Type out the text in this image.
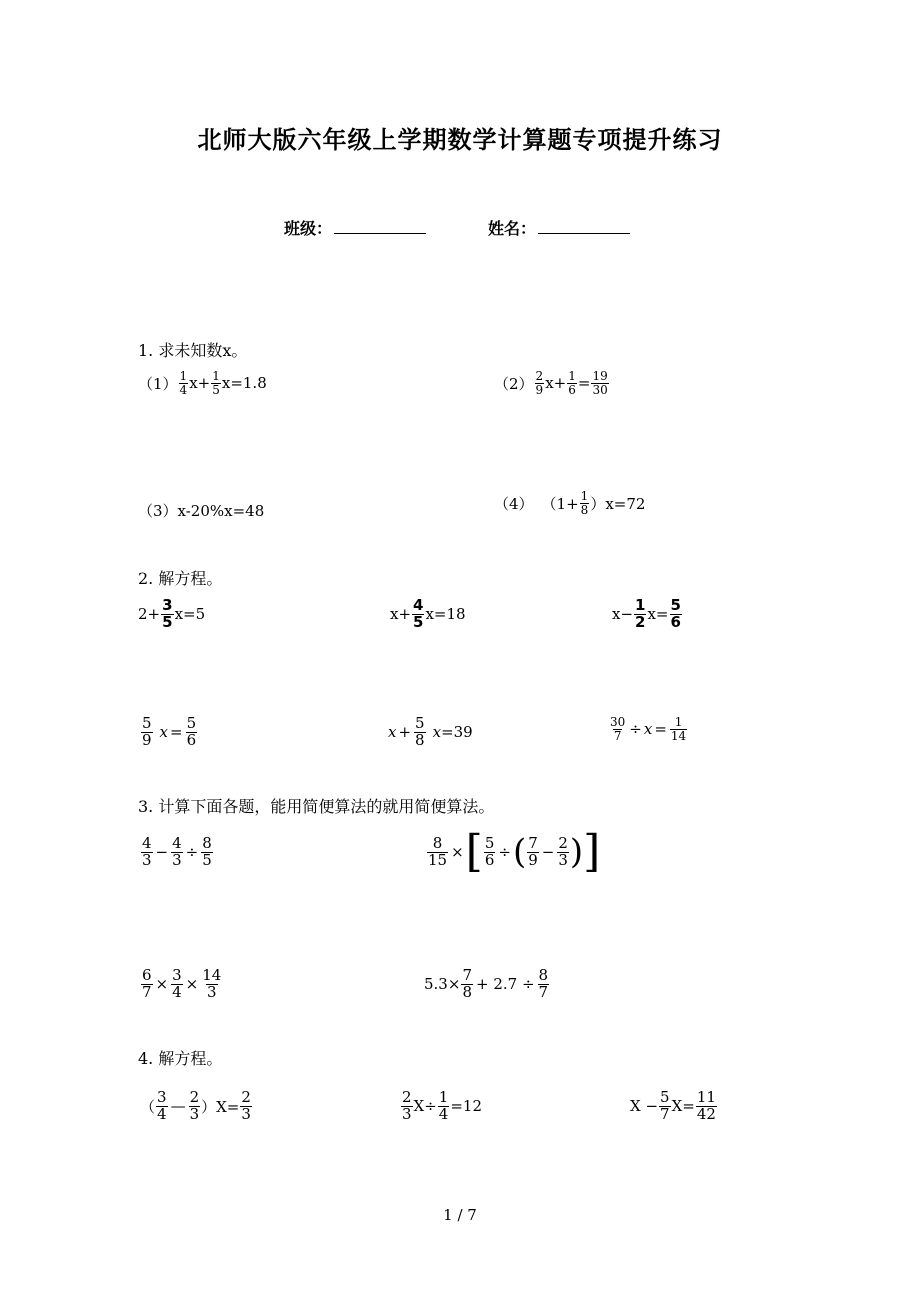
北师大版六年级上学期数学计算题专项提升练习
班级：	姓名：
1. 求未知数x。
$(1) \frac{1}{4} x+ \frac{1}{5} x=1.8$	$(2) \frac{2}{9} x+ \frac{1}{6} = \frac{19}{30}$
（3）x-20%x=48	（4） $(1+ \frac{1}{8} )x=72$
2. 解方程。
$2+ \frac{3}{5} x=5$	$x+ \frac{4}{5} x=18$	$x- \frac{1}{2} x= \frac{5}{6}$
$\frac{5}{9}$ $x = \frac{5}{6}$	$x + \frac{5}{8}$ x =39	$\frac{30}{7} \div x = \frac{1}{14}$
3. 计算下面各题，能用简便算法的就用简便算法。
$\frac{4}{3} - \frac{4}{3} \div \frac{8}{5}$	$\frac{8}{15}$ × [ $\frac{5}{6}$ ÷ ( $\frac{7}{9} - \frac{2}{3}$ ) ]
$\frac{6}{7} \times \frac{3}{4} \times \frac{14}{3}$	$5.3\times \frac{7}{8} + 2.7 \div \frac{8}{7}$
4. 解方程。
（ $\frac{3}{4}$ — $\frac{2}{3} )X= \frac{2}{3}$	$\frac{2}{3} X\div \frac{1}{4} =12$	$X - \frac{5}{7} X= \frac{11}{42}$
1 / 7
